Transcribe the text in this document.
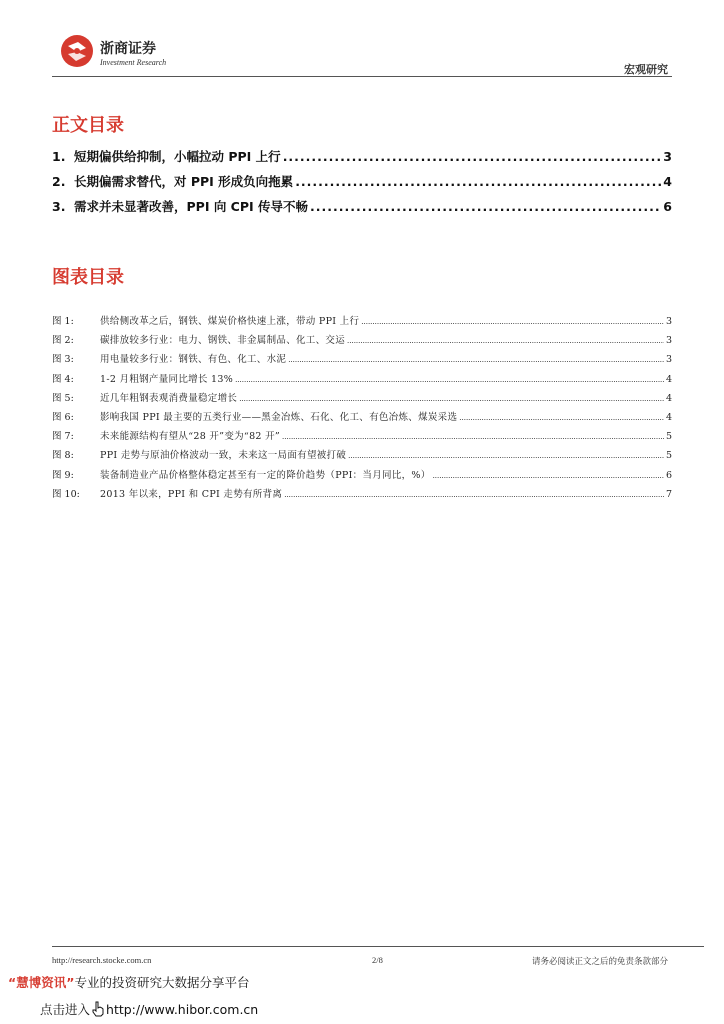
浙商证券
Investment Research
宏观研究
正文目录
1. 短期偏供给抑制，小幅拉动 PPI 上行 .....	3
2. 长期偏需求替代，对 PPI 形成负向拖累 .....	4
3. 需求并未显著改善，PPI 向 CPI 传导不畅 .....	6
图表目录
图 1:	供给侧改革之后，钢铁、煤炭价格快速上涨，带动 PPI 上行 .....	3
图 2:	碳排放较多行业：电力、钢铁、非金属制品、化工、交运 .....	3
图 3:	用电量较多行业：钢铁、有色、化工、水泥 .....	3
图 4:	1-2 月粗钢产量同比增长 13% .....	4
图 5:	近几年粗钢表观消费量稳定增长 .....	4
图 6:	影响我国 PPI 最主要的五类行业——黑金冶炼、石化、化工、有色冶炼、煤炭采选 .....	4
图 7:	未来能源结构有望从“28 开”变为“82 开” .....	5
图 8:	PPI 走势与原油价格波动一致，未来这一局面有望被打破 .....	5
图 9:	装备制造业产品价格整体稳定甚至有一定的降价趋势（PPI：当月同比，%） .....	6
图 10:	2013 年以来，PPI 和 CPI 走势有所背离 .....	7
http://research.stocke.com.cn	2/8	请务必阅读正文之后的免责条款部分
“慧博资讯”专业的投资研究大数据分享平台
点击进入 http://www.hibor.com.cn
